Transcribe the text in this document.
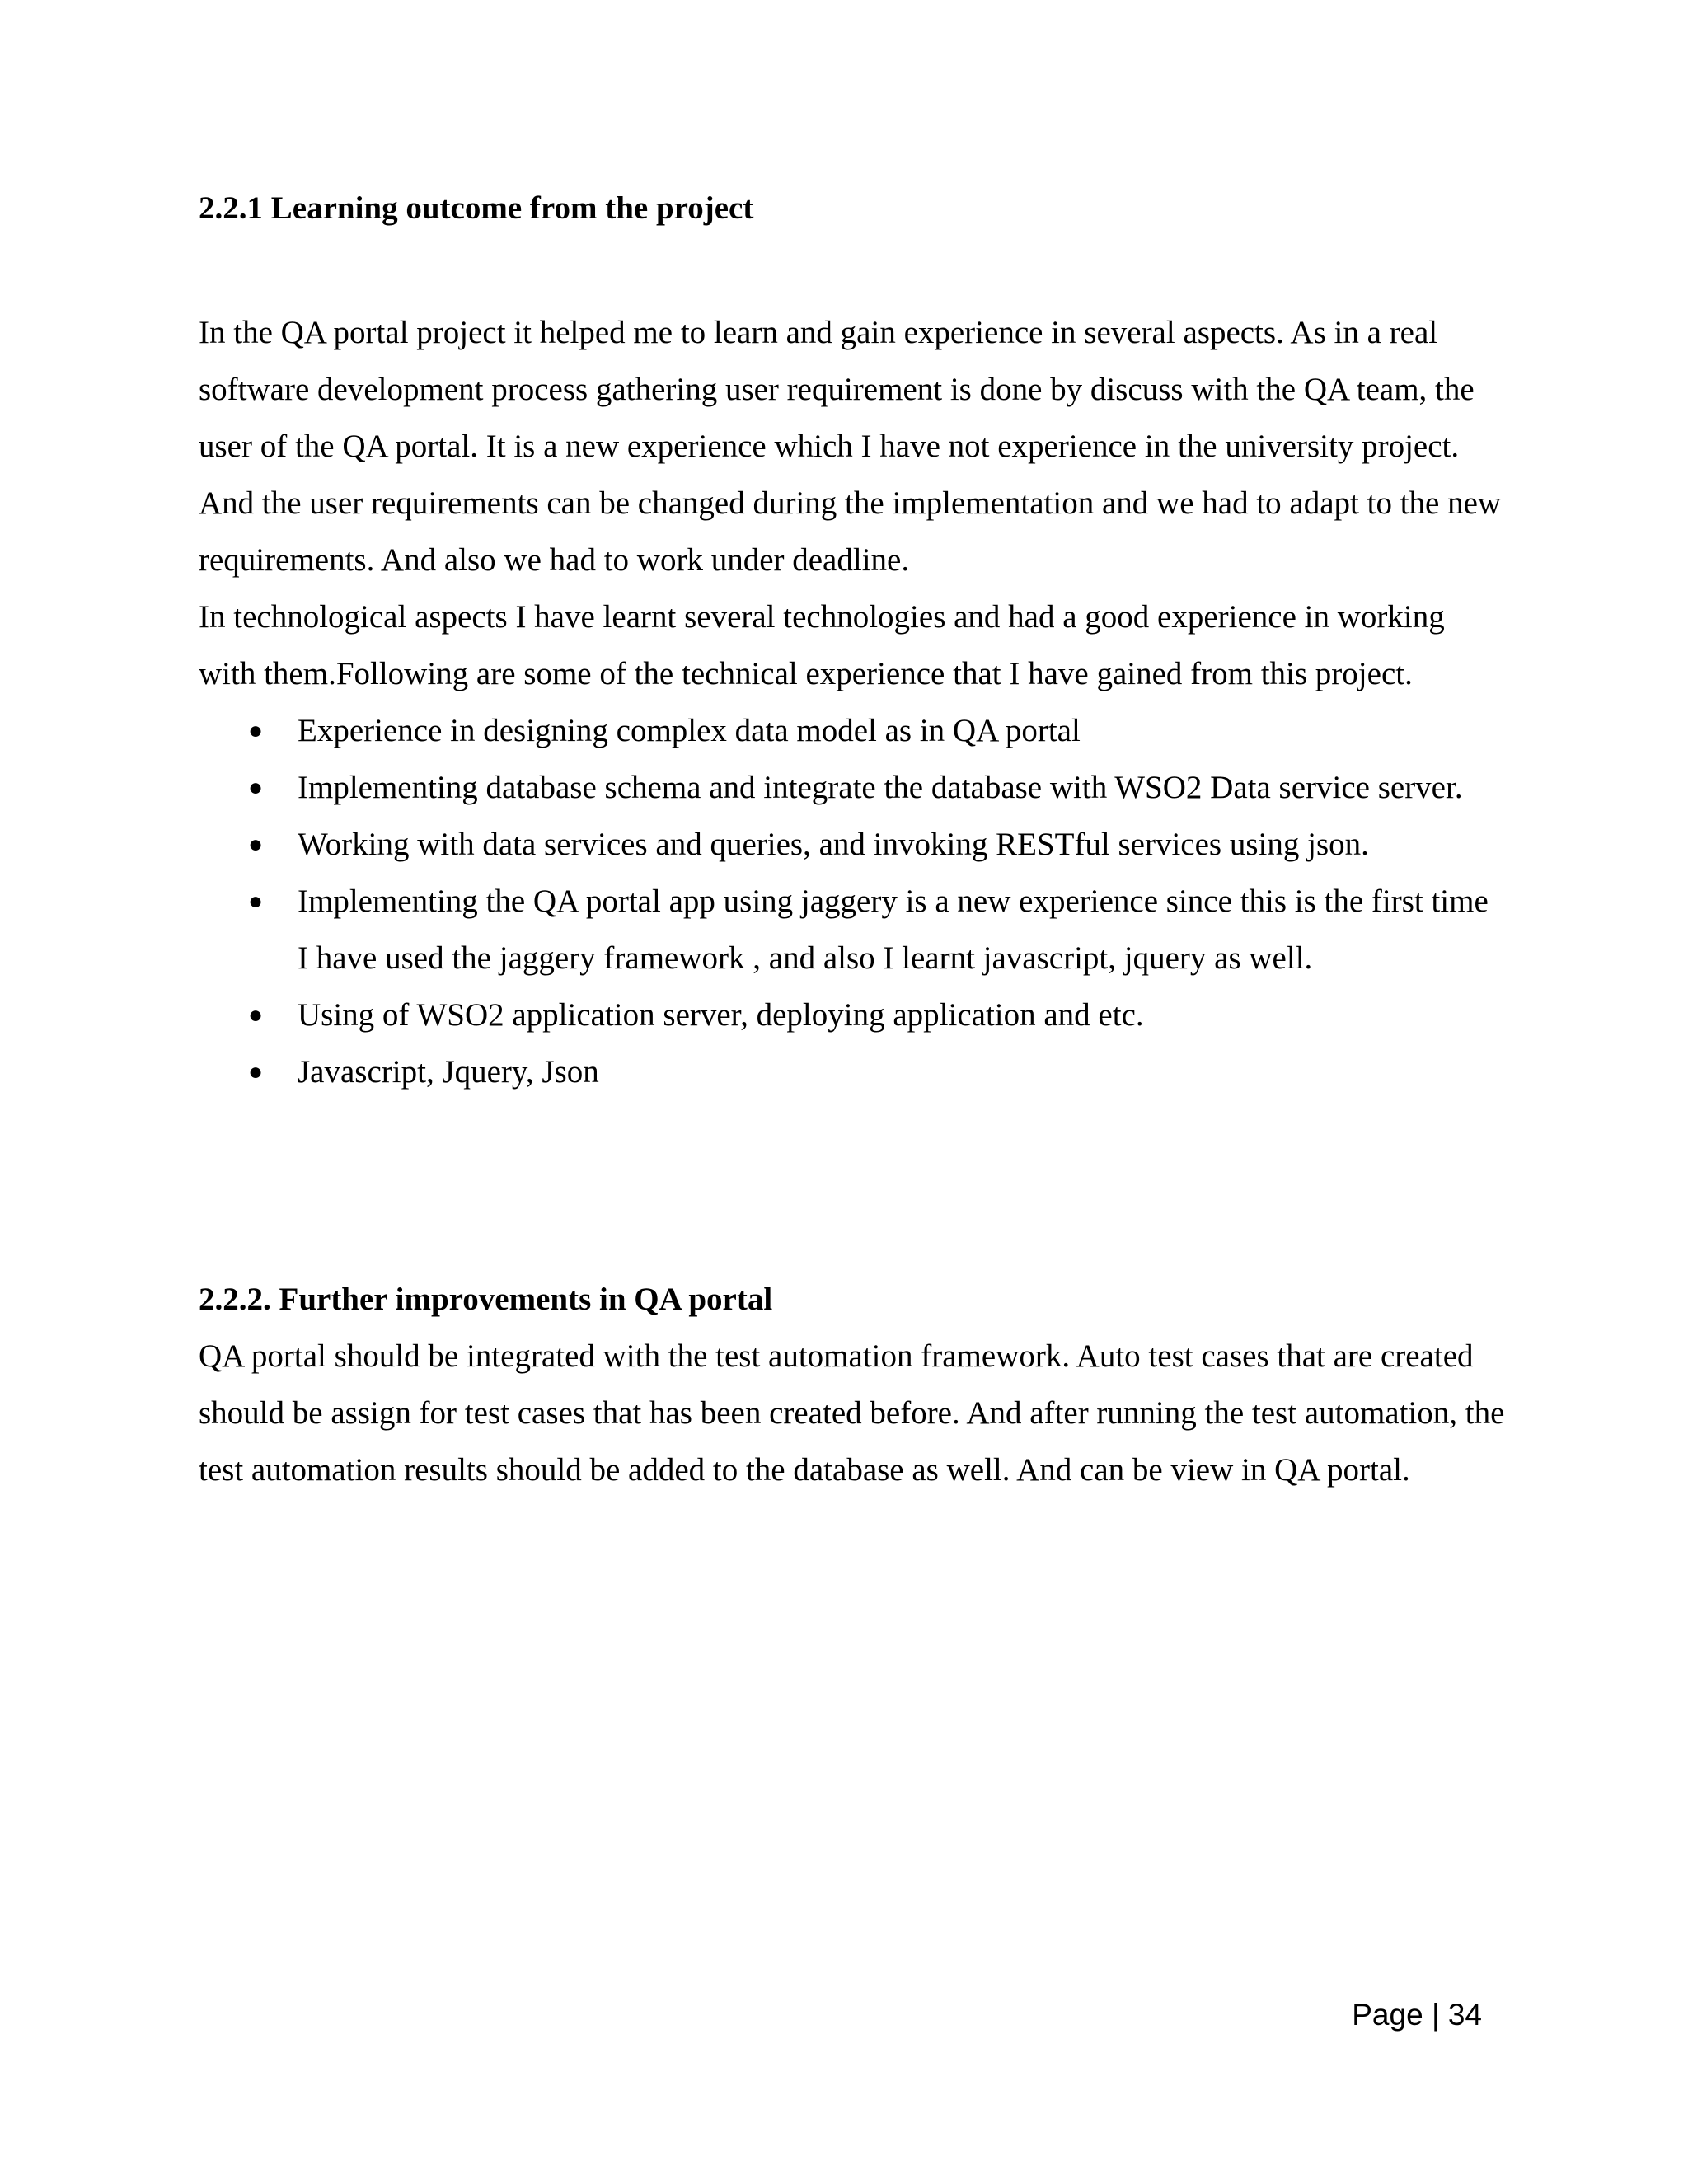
2.2.1 Learning outcome from the project

In the QA portal project it helped me to learn and gain experience in several aspects. As in a real software development process gathering user requirement is done by discuss with the QA team, the user of the QA portal. It is a new experience which I have not experience in the university project. And the user requirements can be changed during the implementation and we had to adapt to the new requirements. And also we had to work under deadline.

In technological aspects I have learnt several technologies and had a good experience in working with them.Following are some of the technical experience that I have gained from this project.

● Experience in designing complex data model as in QA portal
● Implementing database schema and integrate the database with WSO2 Data service server.
● Working with data services and queries, and invoking RESTful services using json.
● Implementing the QA portal app using jaggery is a new experience since this is the first time I have used the jaggery framework , and also I learnt javascript, jquery as well.
● Using of WSO2 application server, deploying application and etc.
● Javascript, Jquery, Json

2.2.2. Further improvements in QA portal

QA portal should be integrated with the test automation framework. Auto test cases that are created should be assign for test cases that has been created before. And after running the test automation, the test automation results should be added to the database as well. And can be view in QA portal.

Page | 34
